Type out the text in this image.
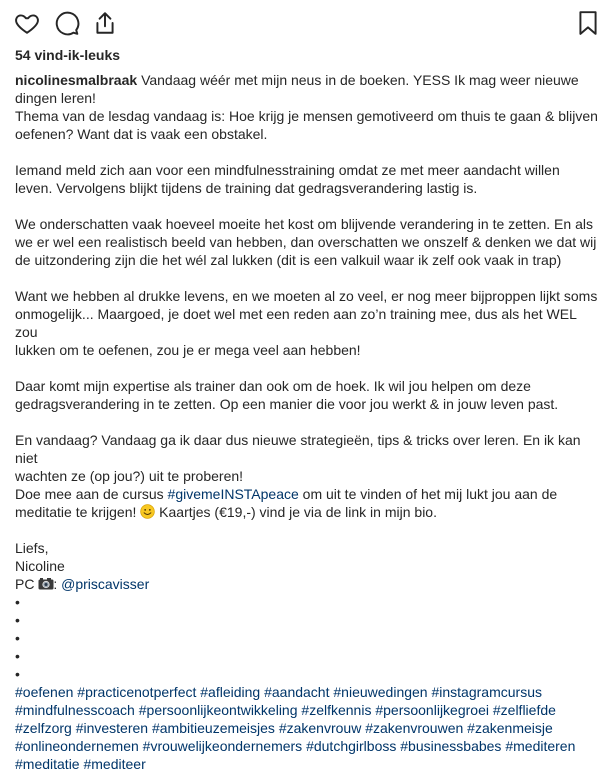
54 vind-ik-leuks

nicolinesmalbraak Vandaag wéér met mijn neus in de boeken. YESS Ik mag weer nieuwe

dingen leren!

Thema van de lesdag vandaag is: Hoe krijg je mensen gemotiveerd om thuis te gaan & blijven

oefenen? Want dat is vaak een obstakel.

Iemand meld zich aan voor een mindfulnesstraining omdat ze met meer aandacht willen

leven. Vervolgens blijkt tijdens de training dat gedragsverandering lastig is.

We onderschatten vaak hoeveel moeite het kost om blijvende verandering in te zetten. En als

we er wel een realistisch beeld van hebben, dan overschatten we onszelf & denken we dat wij

de uitzondering zijn die het wél zal lukken (dit is een valkuil waar ik zelf ook vaak in trap)

Want we hebben al drukke levens, en we moeten al zo veel, er nog meer bijproppen lijkt soms

onmogelijk... Maargoed, je doet wel met een reden aan zo’n training mee, dus als het WEL zou

lukken om te oefenen, zou je er mega veel aan hebben!

Daar komt mijn expertise als trainer dan ook om de hoek. Ik wil jou helpen om deze

gedragsverandering in te zetten. Op een manier die voor jou werkt & in jouw leven past.

En vandaag? Vandaag ga ik daar dus nieuwe strategieën, tips & tricks over leren. En ik kan niet

wachten ze (op jou?) uit te proberen!

Doe mee aan de cursus #givemeINSTApeace om uit te vinden of het mij lukt jou aan de

meditatie te krijgen!  Kaartjes (€19,-) vind je via de link in mijn bio.

Liefs,

Nicoline

PC : @priscavisser

•

•

•

•

•

#oefenen #practicenotperfect #afleiding #aandacht #nieuwedingen #instagramcursus

#mindfulnesscoach #persoonlijkeontwikkeling #zelfkennis #persoonlijkegroei #zelfliefde

#zelfzorg #investeren #ambitieuzemeisjes #zakenvrouw #zakenvrouwen #zakenmeisje

#onlineondernemen #vrouwelijkeondernemers #dutchgirlboss #businessbabes #mediteren

#meditatie #mediteer
